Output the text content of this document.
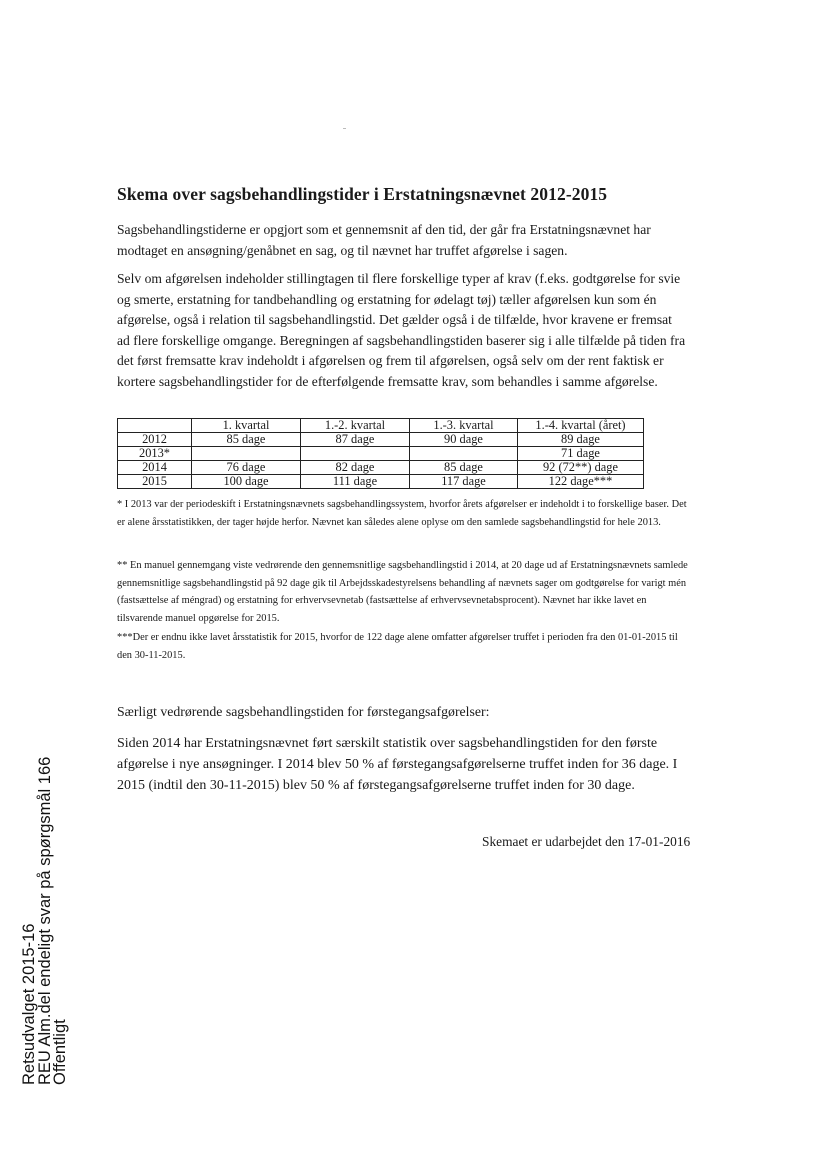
Skema over sagsbehandlingstider i Erstatningsnævnet 2012-2015
Sagsbehandlingstiderne er opgjort som et gennemsnit af den tid, der går fra Erstatningsnævnet har modtaget en ansøgning/genåbnet en sag, og til nævnet har truffet afgørelse i sagen.
Selv om afgørelsen indeholder stillingtagen til flere forskellige typer af krav (f.eks. godtgørelse for svie og smerte, erstatning for tandbehandling og erstatning for ødelagt tøj) tæller afgørelsen kun som én afgørelse, også i relation til sagsbehandlingstid. Det gælder også i de tilfælde, hvor kravene er fremsat ad flere forskellige omgange. Beregningen af sagsbehandlingstiden baserer sig i alle tilfælde på tiden fra det først fremsatte krav indeholdt i afgørelsen og frem til afgørelsen, også selv om der rent faktisk er kortere sagsbehandlingstider for de efterfølgende fremsatte krav, som behandles i samme afgørelse.
	1. kvartal	1.-2. kvartal	1.-3. kvartal	1.-4. kvartal (året)
2012	85 dage	87 dage	90 dage	89 dage
2013*				71 dage
2014	76 dage	82 dage	85 dage	92 (72**) dage
2015	100 dage	111 dage	117 dage	122 dage***
* I 2013 var der periodeskift i Erstatningsnævnets sagsbehandlingssystem, hvorfor årets afgørelser er indeholdt i to forskellige baser. Det er alene årsstatistikken, der tager højde herfor. Nævnet kan således alene oplyse om den samlede sagsbehandlingstid for hele 2013.
** En manuel gennemgang viste vedrørende den gennemsnitlige sagsbehandlingstid i 2014, at 20 dage ud af Erstatningsnævnets samlede gennemsnitlige sagsbehandlingstid på 92 dage gik til Arbejdsskadestyrelsens behandling af nævnets sager om godtgørelse for varigt mén (fastsættelse af méngrad) og erstatning for erhvervsevnetab (fastsættelse af erhvervsevnetabsprocent). Nævnet har ikke lavet en tilsvarende manuel opgørelse for 2015.
***Der er endnu ikke lavet årsstatistik for 2015, hvorfor de 122 dage alene omfatter afgørelser truffet i perioden fra den 01-01-2015 til den 30-11-2015.
Særligt vedrørende sagsbehandlingstiden for førstegangsafgørelser:
Siden 2014 har Erstatningsnævnet ført særskilt statistik over sagsbehandlingstiden for den første afgørelse i nye ansøgninger. I 2014 blev 50 % af førstegangsafgørelserne truffet inden for 36 dage. I 2015 (indtil den 30-11-2015) blev 50 % af førstegangsafgørelserne truffet inden for 30 dage.
Skemaet er udarbejdet den 17-01-2016
Retsudvalget 2015-16
REU Alm.del endeligt svar på spørgsmål 166
Offentligt
